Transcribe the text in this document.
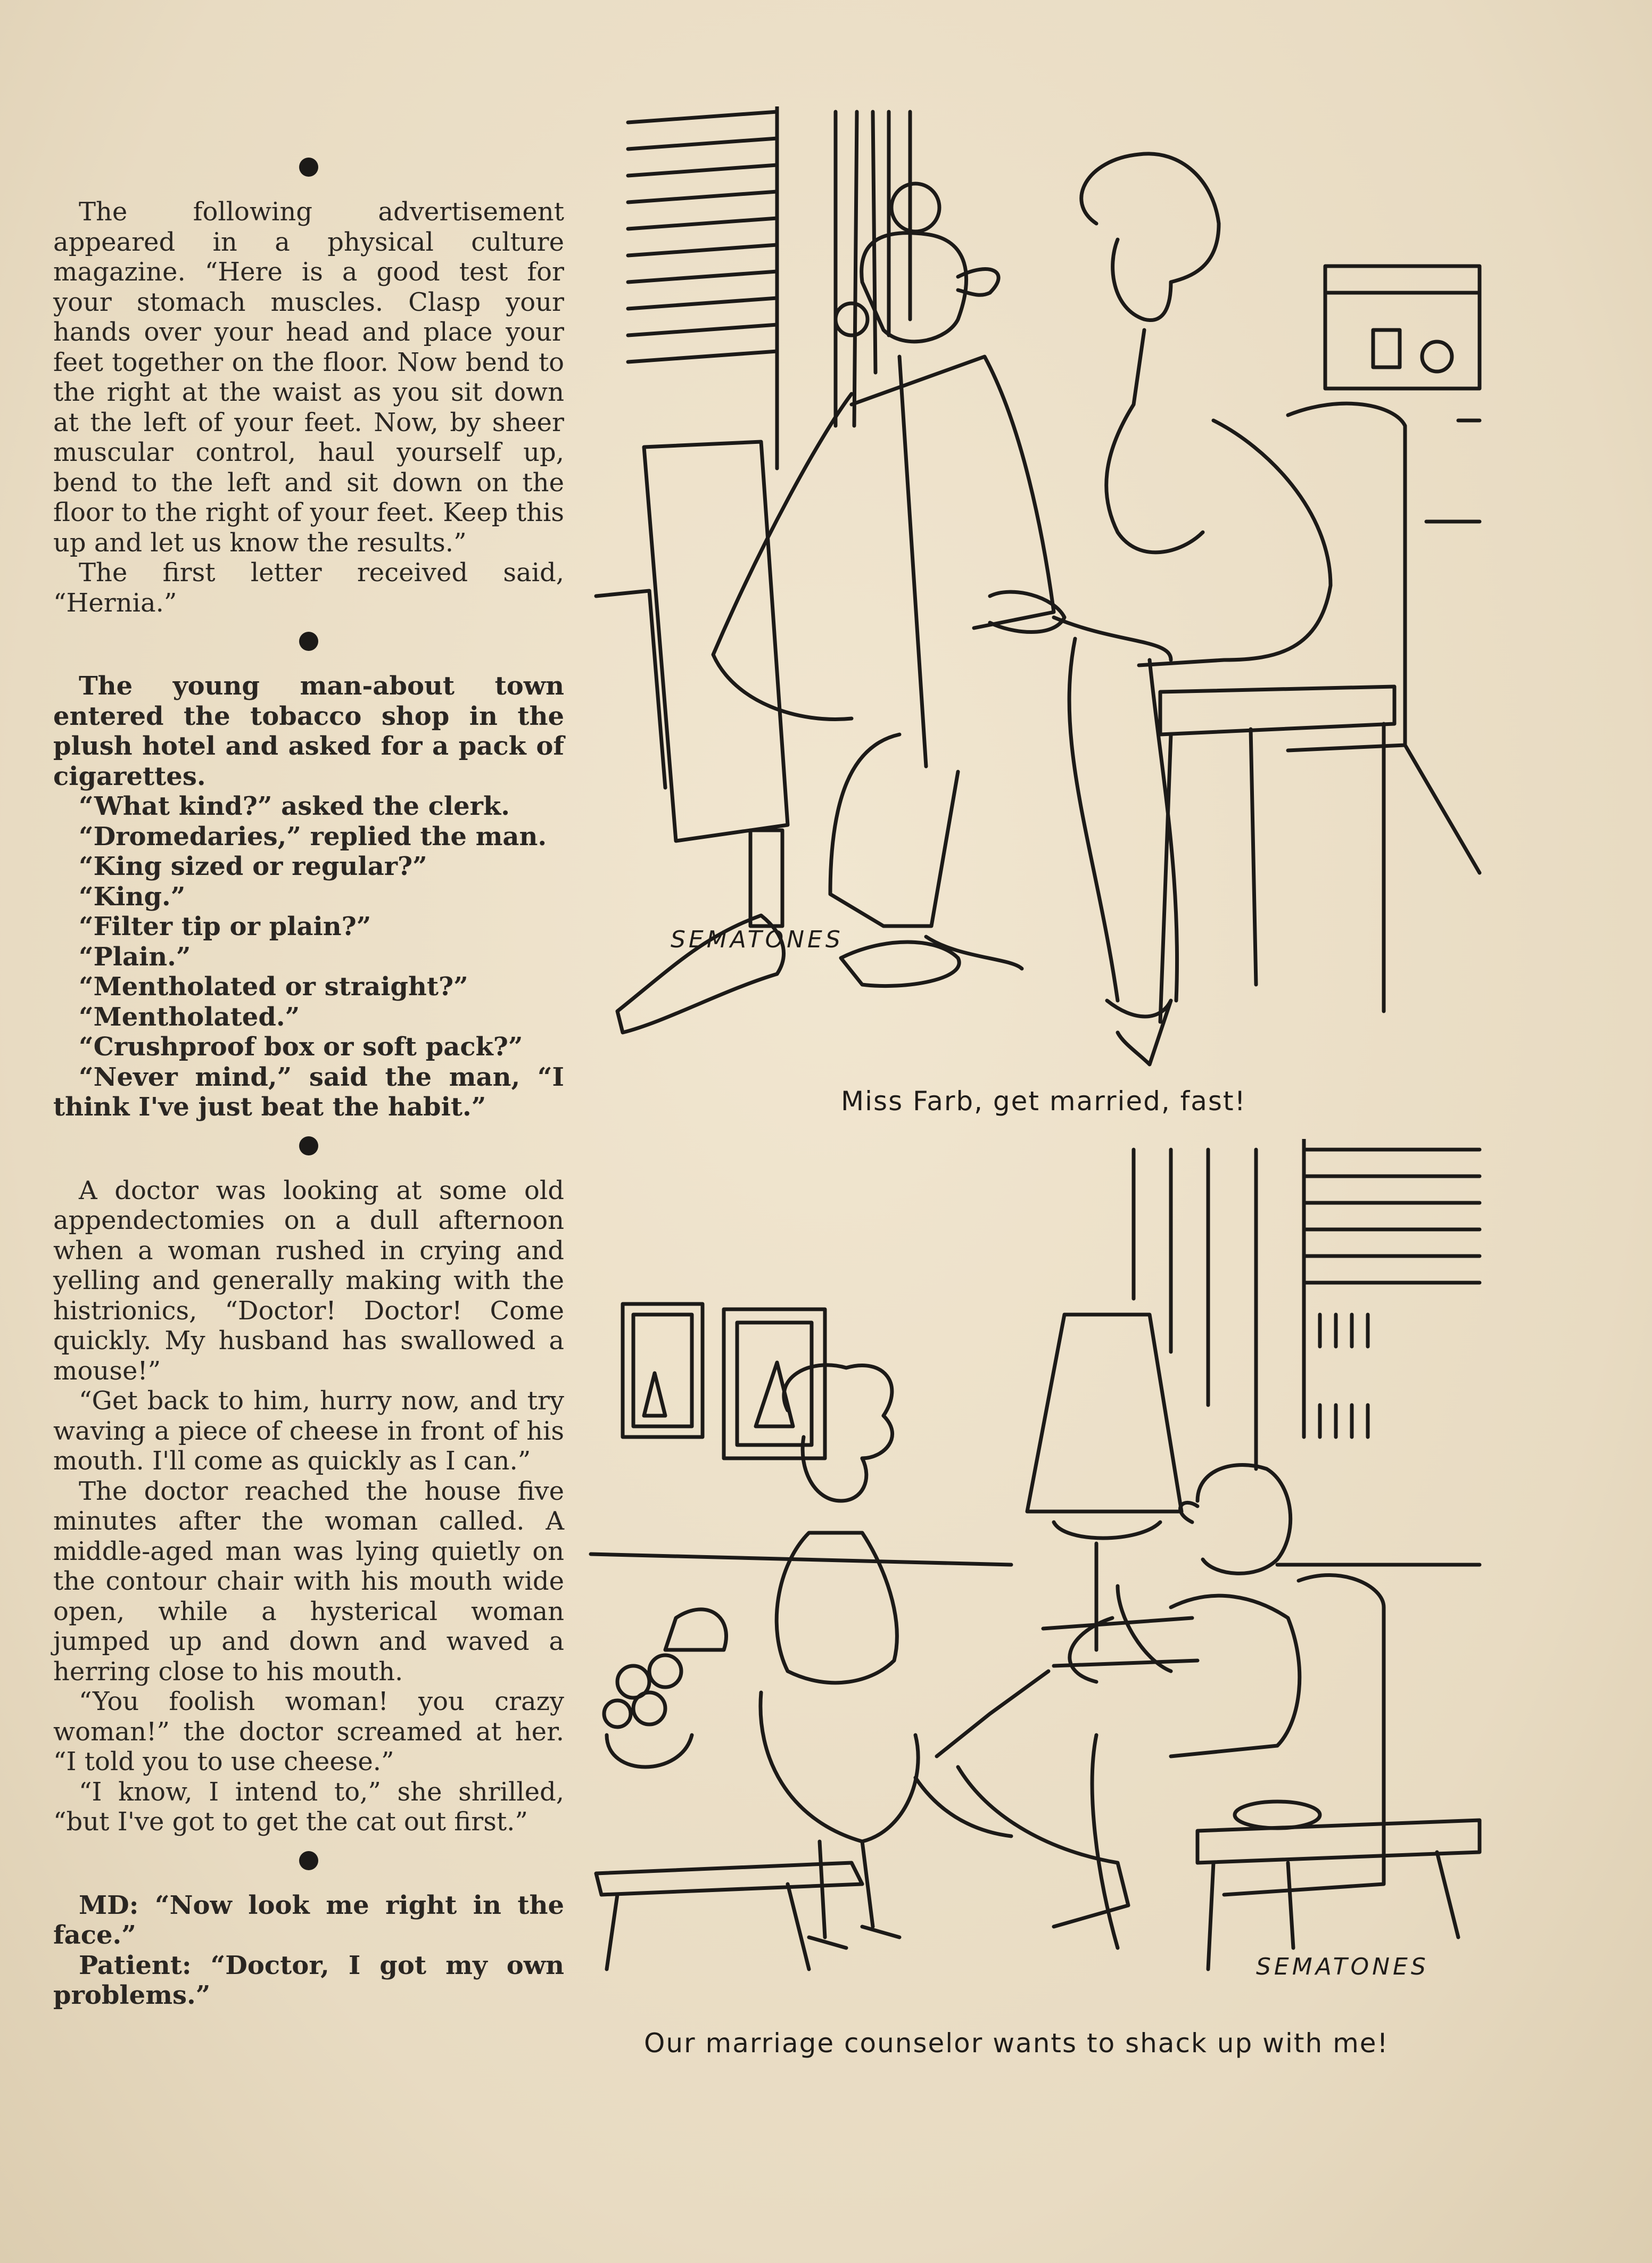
The following advertisement appeared in a physical culture magazine. “Here is a good test for your stomach muscles. Clasp your hands over your head and place your feet together on the floor. Now bend to the right at the waist as you sit down at the left of your feet. Now, by sheer muscular control, haul yourself up, bend to the left and sit down on the floor to the right of your feet. Keep this up and let us know the results.”

The first letter received said, “Hernia.”

The young man-about town entered the tobacco shop in the plush hotel and asked for a pack of cigarettes.

“What kind?” asked the clerk.

“Dromedaries,” replied the man.

“King sized or regular?”

“King.”

“Filter tip or plain?”

“Plain.”

“Mentholated or straight?”

“Mentholated.”

“Crushproof box or soft pack?”

“Never mind,” said the man, “I think I've just beat the habit.”

A doctor was looking at some old appendectomies on a dull afternoon when a woman rushed in crying and yelling and generally making with the histrionics, “Doctor! Doctor! Come quickly. My husband has swallowed a mouse!”

“Get back to him, hurry now, and try waving a piece of cheese in front of his mouth. I'll come as quickly as I can.”

The doctor reached the house five minutes after the woman called. A middle-aged man was lying quietly on the contour chair with his mouth wide open, while a hysterical woman jumped up and down and waved a herring close to his mouth.

“You foolish woman! you crazy woman!” the doctor screamed at her. “I told you to use cheese.”

“I know, I intend to,” she shrilled, “but I've got to get the cat out first.”

MD: “Now look me right in the face.”

Patient: “Doctor, I got my own problems.”

SEMATONES
Miss Farb, get married, fast!
SEMATONES
Our marriage counselor wants to shack up with me!
